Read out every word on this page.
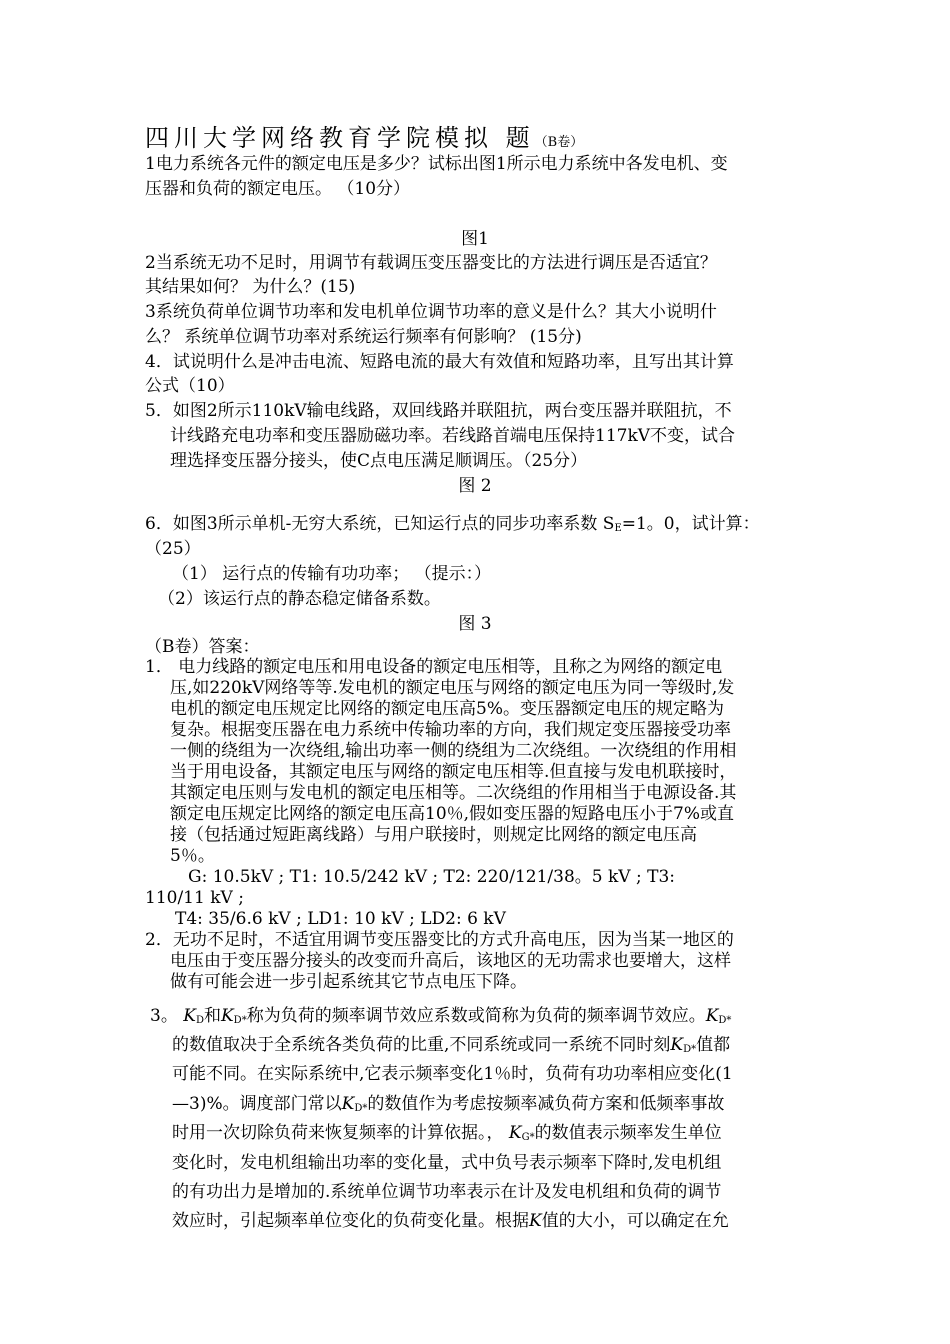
四川大学网络教育学院模拟 题（B卷）
1电力系统各元件的额定电压是多少？试标出图1所示电力系统中各发电机、变
压器和负荷的额定电压。 （10分）
图1
2当系统无功不足时，用调节有载调压变压器变比的方法进行调压是否适宜？
其结果如何？ 为什么？(15)
3系统负荷单位调节功率和发电机单位调节功率的意义是什么？其大小说明什
么？ 系统单位调节功率对系统运行频率有何影响？ (15分)
4．试说明什么是冲击电流、短路电流的最大有效值和短路功率，且写出其计算
公式（10）
5．如图2所示110kV输电线路，双回线路并联阻抗，两台变压器并联阻抗，不
计线路充电功率和变压器励磁功率。若线路首端电压保持117kV不变，试合
理选择变压器分接头，使C点电压满足顺调压。（25分）
图 2
6．如图3所示单机-无穷大系统，已知运行点的同步功率系数 $S_E=1$。0，试计算：
（25）
（1） 运行点的传输有功功率； （提示：）
（2）该运行点的静态稳定储备系数。
图 3
（B卷）答案：
1． 电力线路的额定电压和用电设备的额定电压相等，且称之为网络的额定电
压,如220kV网络等等.发电机的额定电压与网络的额定电压为同一等级时,发
电机的额定电压规定比网络的额定电压高5%。变压器额定电压的规定略为
复杂。根据变压器在电力系统中传输功率的方向，我们规定变压器接受功率
一侧的绕组为一次绕组,输出功率一侧的绕组为二次绕组。一次绕组的作用相
当于用电设备，其额定电压与网络的额定电压相等.但直接与发电机联接时，
其额定电压则与发电机的额定电压相等。二次绕组的作用相当于电源设备.其
额定电压规定比网络的额定电压高10％,假如变压器的短路电压小于7%或直
接（包括通过短距离线路）与用户联接时，则规定比网络的额定电压高
5％。
G: 10.5kV ; T1: 10.5/242 kV ; T2: 220/121/38。5 kV ; T3:
110/11 kV ;
T4: 35/6.6 kV ; LD1: 10 kV ; LD2: 6 kV
2．无功不足时，不适宜用调节变压器变比的方式升高电压，因为当某一地区的
电压由于变压器分接头的改变而升高后，该地区的无功需求也要增大，这样
做有可能会进一步引起系统其它节点电压下降。
3。 $K_D$和$K_{D*}$称为负荷的频率调节效应系数或简称为负荷的频率调节效应。$K_{D*}$
的数值取决于全系统各类负荷的比重,不同系统或同一系统不同时刻$K_{D*}$值都
可能不同。在实际系统中,它表示频率变化1％时，负荷有功功率相应变化(1
—3)%。调度部门常以$K_{D*}$的数值作为考虑按频率减负荷方案和低频率事故
时用一次切除负荷来恢复频率的计算依据。， $K_{G*}$的数值表示频率发生单位
变化时，发电机组输出功率的变化量，式中负号表示频率下降时,发电机组
的有功出力是增加的.系统单位调节功率表示在计及发电机组和负荷的调节
效应时，引起频率单位变化的负荷变化量。根据K值的大小，可以确定在允
